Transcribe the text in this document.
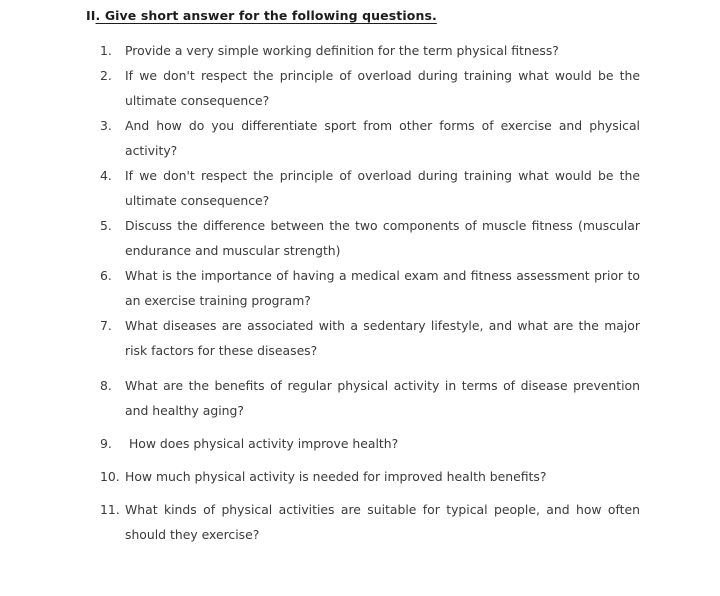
II. Give short answer for the following questions.
1.	Provide a very simple working definition for the term physical fitness?
2.	If we don't respect the principle of overload during training what would be the ultimate consequence?
3.	And how do you differentiate sport from other forms of exercise and physical activity?
4.	If we don't respect the principle of overload during training what would be the ultimate consequence?
5.	Discuss the difference between the two components of muscle fitness (muscular endurance and muscular strength)
6.	What is the importance of having a medical exam and fitness assessment prior to an exercise training program?
7.	What diseases are associated with a sedentary lifestyle, and what are the major risk factors for these diseases?
8.	What are the benefits of regular physical activity in terms of disease prevention and healthy aging?
9.	How does physical activity improve health?
10. How much physical activity is needed for improved health benefits?
11. What kinds of physical activities are suitable for typical people, and how often should they exercise?
